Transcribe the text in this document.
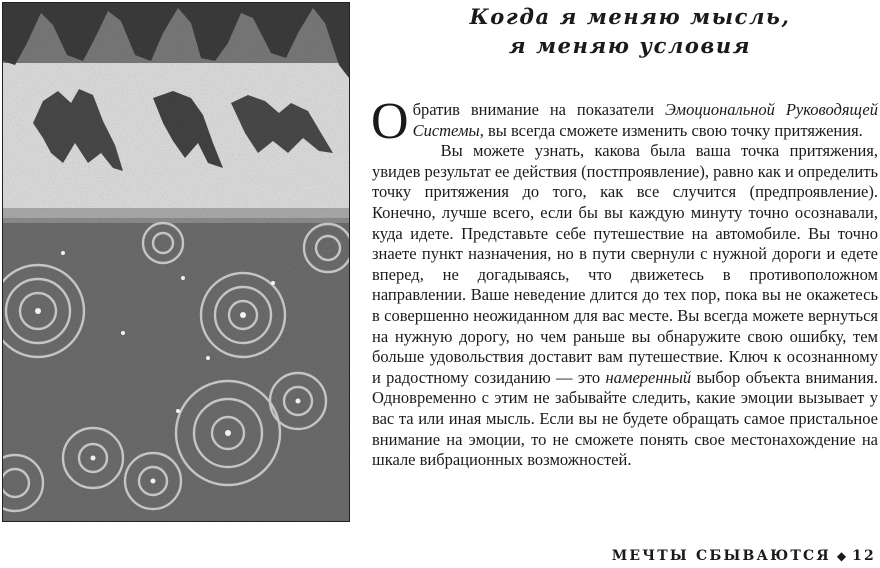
Когда я меняю мысль,
я меняю условия

Обратив внимание на показатели Эмоциональной Руководящей Системы, вы всегда сможете изменить свою точку притяжения.

Вы можете узнать, какова была ваша точка притяжения, увидев результат ее действия (постпроявление), равно как и определить точку притяжения до того, как все случится (предпроявление). Конечно, лучше всего, если бы вы каждую минуту точно осознавали, куда идете. Представьте себе путешествие на автомобиле. Вы точно знаете пункт назначения, но в пути свернули с нужной дороги и едете вперед, не догадываясь, что движетесь в противоположном направлении. Ваше неведение длится до тех пор, пока вы не окажетесь в совершенно неожиданном для вас месте. Вы всегда можете вернуться на нужную дорогу, но чем раньше вы обнаружите свою ошибку, тем больше удовольствия доставит вам путешествие. Ключ к осознанному и радостному созиданию — это намеренный выбор объекта внимания. Одновременно с этим не забывайте следить, какие эмоции вызывает у вас та или иная мысль. Если вы не будете обращать самое пристальное внимание на эмоции, то не сможете понять свое местонахождение на шкале вибрационных возможностей.

МЕЧТЫ СБЫВАЮТСЯ ◆ 12
